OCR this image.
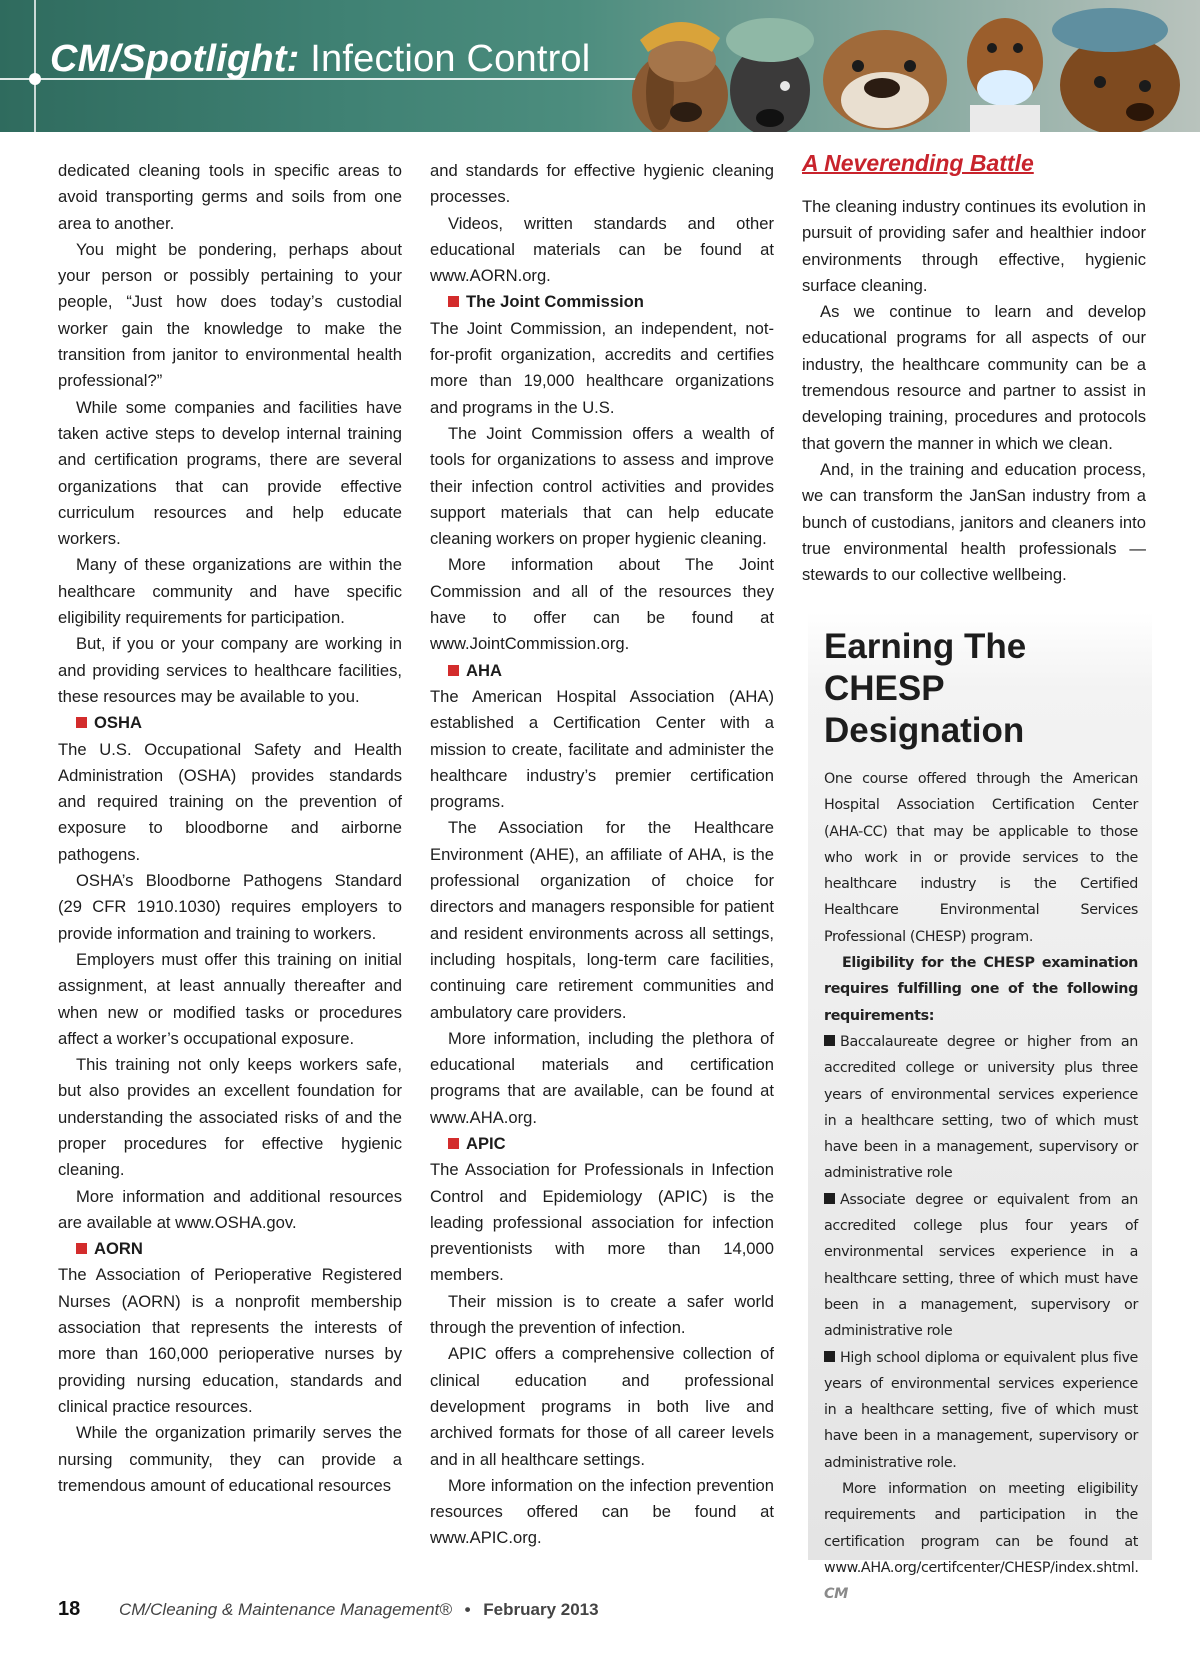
CM/Spotlight: Infection Control

dedicated cleaning tools in specific areas to avoid transporting germs and soils from one area to another.

You might be pondering, perhaps about your person or possibly pertaining to your people, “Just how does today’s custodial worker gain the knowledge to make the transition from janitor to environmental health professional?”

While some companies and facilities have taken active steps to develop internal training and certification programs, there are several organizations that can provide effective curriculum resources and help educate workers.

Many of these organizations are within the healthcare community and have specific eligibility requirements for participation.

But, if you or your company are working in and providing services to healthcare facilities, these resources may be available to you.

OSHA

The U.S. Occupational Safety and Health Administration (OSHA) provides standards and required training on the prevention of exposure to bloodborne and airborne pathogens.

OSHA’s Bloodborne Pathogens Standard (29 CFR 1910.1030) requires employers to provide information and training to workers.

Employers must offer this training on initial assignment, at least annually thereafter and when new or modified tasks or procedures affect a worker’s occupational exposure.

This training not only keeps workers safe, but also provides an excellent foundation for understanding the associated risks of and the proper procedures for effective hygienic cleaning.

More information and additional resources are available at www.OSHA.gov.

AORN

The Association of Perioperative Registered Nurses (AORN) is a nonprofit membership association that represents the interests of more than 160,000 perioperative nurses by providing nursing education, standards and clinical practice resources.

While the organization primarily serves the nursing community, they can provide a tremendous amount of educational resources

and standards for effective hygienic cleaning processes.

Videos, written standards and other educational materials can be found at www.AORN.org.

The Joint Commission

The Joint Commission, an independent, not-for-profit organization, accredits and certifies more than 19,000 healthcare organizations and programs in the U.S.

The Joint Commission offers a wealth of tools for organizations to assess and improve their infection control activities and provides support materials that can help educate cleaning workers on proper hygienic cleaning.

More information about The Joint Commission and all of the resources they have to offer can be found at www.JointCommission.org.

AHA

The American Hospital Association (AHA) established a Certification Center with a mission to create, facilitate and administer the healthcare industry’s premier certification programs.

The Association for the Healthcare Environment (AHE), an affiliate of AHA, is the professional organization of choice for directors and managers responsible for patient and resident environments across all settings, including hospitals, long-term care facilities, continuing care retirement communities and ambulatory care providers.

More information, including the plethora of educational materials and certification programs that are available, can be found at www.AHA.org.

APIC

The Association for Professionals in Infection Control and Epidemiology (APIC) is the leading professional association for infection preventionists with more than 14,000 members.

Their mission is to create a safer world through the prevention of infection.

APIC offers a comprehensive collection of clinical education and professional development programs in both live and archived formats for those of all career levels and in all healthcare settings.

More information on the infection prevention resources offered can be found at www.APIC.org.

A Neverending Battle

The cleaning industry continues its evolution in pursuit of providing safer and healthier indoor environments through effective, hygienic surface cleaning.

As we continue to learn and develop educational programs for all aspects of our industry, the healthcare community can be a tremendous resource and partner to assist in developing training, procedures and protocols that govern the manner in which we clean.

And, in the training and education process, we can transform the JanSan industry from a bunch of custodians, janitors and cleaners into true environmental health professionals — stewards to our collective wellbeing.

Earning The CHESP Designation

One course offered through the American Hospital Association Certification Center (AHA-CC) that may be applicable to those who work in or provide services to the healthcare industry is the Certified Healthcare Environmental Services Professional (CHESP) program.

Eligibility for the CHESP examination requires fulfilling one of the following requirements:

Baccalaureate degree or higher from an accredited college or university plus three years of environmental services experience in a healthcare setting, two of which must have been in a management, supervisory or administrative role

Associate degree or equivalent from an accredited college plus four years of environmental services experience in a healthcare setting, three of which must have been in a management, supervisory or administrative role

High school diploma or equivalent plus five years of environmental services experience in a healthcare setting, five of which must have been in a management, supervisory or administrative role.

More information on meeting eligibility requirements and participation in the certification program can be found at www.AHA.org/certifcenter/CHESP/index.shtml. CM

18 CM/Cleaning & Maintenance Management® • February 2013
